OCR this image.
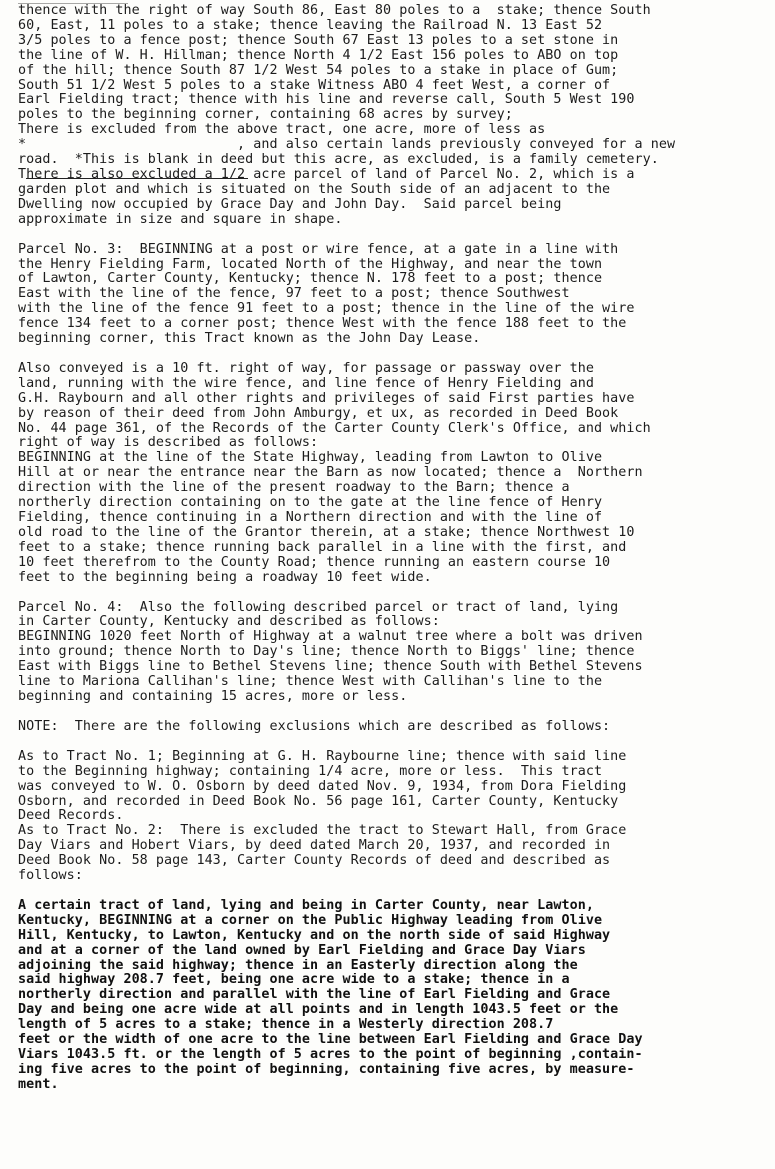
thence with the right of way South 86, East 80 poles to a  stake; thence South
60, East, 11 poles to a stake; thence leaving the Railroad N. 13 East 52
3/5 poles to a fence post; thence South 67 East 13 poles to a set stone in
the line of W. H. Hillman; thence North 4 1/2 East 156 poles to ABO on top
of the hill; thence South 87 1/2 West 54 poles to a stake in place of Gum;
South 51 1/2 West 5 poles to a stake Witness ABO 4 feet West, a corner of
Earl Fielding tract; thence with his line and reverse call, South 5 West 190
poles to the beginning corner, containing 68 acres by survey;
There is excluded from the above tract, one acre, more of less as
*                          , and also certain lands previously conveyed for a new
road.  *This is blank in deed but this acre, as excluded, is a family cemetery.
There is also excluded a 1/2 acre parcel of land of Parcel No. 2, which is a
garden plot and which is situated on the South side of an adjacent to the
Dwelling now occupied by Grace Day and John Day.  Said parcel being
approximate in size and square in shape.
Parcel No. 3:  BEGINNING at a post or wire fence, at a gate in a line with
the Henry Fielding Farm, located North of the Highway, and near the town
of Lawton, Carter County, Kentucky; thence N. 178 feet to a post; thence
East with the line of the fence, 97 feet to a post; thence Southwest
with the line of the fence 91 feet to a post; thence in the line of the wire
fence 134 feet to a corner post; thence West with the fence 188 feet to the
beginning corner, this Tract known as the John Day Lease.
Also conveyed is a 10 ft. right of way, for passage or passway over the
land, running with the wire fence, and line fence of Henry Fielding and
G.H. Raybourn and all other rights and privileges of said First parties have
by reason of their deed from John Amburgy, et ux, as recorded in Deed Book
No. 44 page 361, of the Records of the Carter County Clerk's Office, and which
right of way is described as follows:
BEGINNING at the line of the State Highway, leading from Lawton to Olive
Hill at or near the entrance near the Barn as now located; thence a  Northern
direction with the line of the present roadway to the Barn; thence a
northerly direction containing on to the gate at the line fence of Henry
Fielding, thence continuing in a Northern direction and with the line of
old road to the line of the Grantor therein, at a stake; thence Northwest 10
feet to a stake; thence running back parallel in a line with the first, and
10 feet therefrom to the County Road; thence running an eastern course 10
feet to the beginning being a roadway 10 feet wide.
Parcel No. 4:  Also the following described parcel or tract of land, lying
in Carter County, Kentucky and described as follows:
BEGINNING 1020 feet North of Highway at a walnut tree where a bolt was driven
into ground; thence North to Day's line; thence North to Biggs' line; thence
East with Biggs line to Bethel Stevens line; thence South with Bethel Stevens
line to Mariona Callihan's line; thence West with Callihan's line to the
beginning and containing 15 acres, more or less.
NOTE:  There are the following exclusions which are described as follows:
As to Tract No. 1; Beginning at G. H. Raybourne line; thence with said line
to the Beginning highway; containing 1/4 acre, more or less.  This tract
was conveyed to W. O. Osborn by deed dated Nov. 9, 1934, from Dora Fielding
Osborn, and recorded in Deed Book No. 56 page 161, Carter County, Kentucky
Deed Records.
As to Tract No. 2:  There is excluded the tract to Stewart Hall, from Grace
Day Viars and Hobert Viars, by deed dated March 20, 1937, and recorded in
Deed Book No. 58 page 143, Carter County Records of deed and described as
follows:
A certain tract of land, lying and being in Carter County, near Lawton,
Kentucky, BEGINNING at a corner on the Public Highway leading from Olive
Hill, Kentucky, to Lawton, Kentucky and on the north side of said Highway
and at a corner of the land owned by Earl Fielding and Grace Day Viars
adjoining the said highway; thence in an Easterly direction along the
said highway 208.7 feet, being one acre wide to a stake; thence in a
northerly direction and parallel with the line of Earl Fielding and Grace
Day and being one acre wide at all points and in length 1043.5 feet or the
length of 5 acres to a stake; thence in a Westerly direction 208.7
feet or the width of one acre to the line between Earl Fielding and Grace Day
Viars 1043.5 ft. or the length of 5 acres to the point of beginning ,contain-
ing five acres to the point of beginning, containing five acres, by measure-
ment.
